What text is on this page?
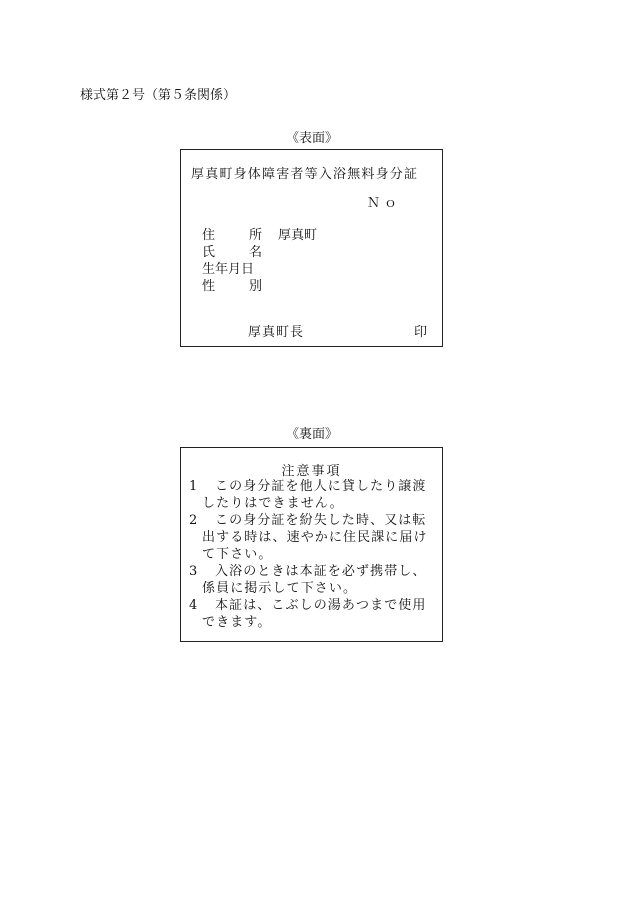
様式第２号（第５条関係）
《表面》
厚真町身体障害者等入浴無料身分証
Ｎｏ
住所 厚真町
氏名
生年月日
性別
厚真町長	印
《裏面》
注意事項
1	この身分証を他人に貸したり譲渡したりはできません。
2	この身分証を紛失した時、又は転出する時は、速やかに住民課に届けて下さい。
3	入浴のときは本証を必ず携帯し、係員に掲示して下さい。
4	本証は、こぶしの湯あつまで使用できます。
